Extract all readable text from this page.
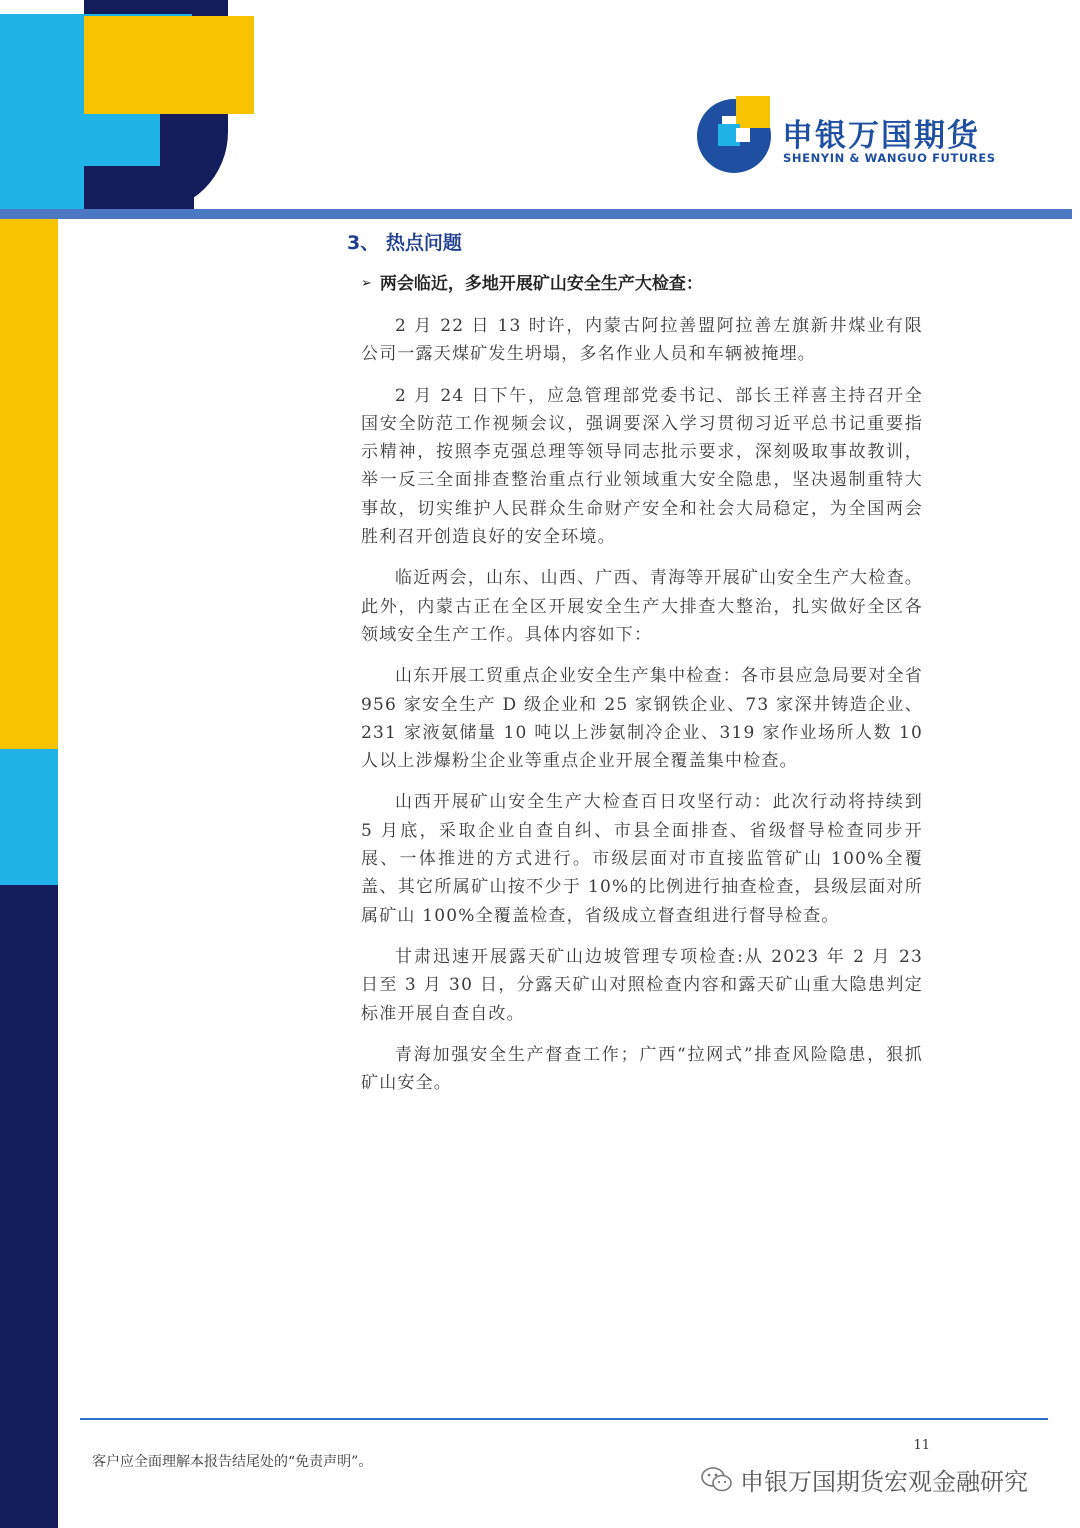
申银万国期货
SHENYIN & WANGUO FUTURES
3、 热点问题
➢ 两会临近，多地开展矿山安全生产大检查：

2 月 22 日 13 时许，内蒙古阿拉善盟阿拉善左旗新井煤业有限公司一露天煤矿发生坍塌，多名作业人员和车辆被掩埋。

2 月 24 日下午，应急管理部党委书记、部长王祥喜主持召开全国安全防范工作视频会议，强调要深入学习贯彻习近平总书记重要指示精神，按照李克强总理等领导同志批示要求，深刻吸取事故教训，举一反三全面排查整治重点行业领域重大安全隐患，坚决遏制重特大事故，切实维护人民群众生命财产安全和社会大局稳定，为全国两会胜利召开创造良好的安全环境。

临近两会，山东、山西、广西、青海等开展矿山安全生产大检查。此外，内蒙古正在全区开展安全生产大排查大整治，扎实做好全区各领域安全生产工作。具体内容如下：

山东开展工贸重点企业安全生产集中检查：各市县应急局要对全省 956 家安全生产 D 级企业和 25 家钢铁企业、73 家深井铸造企业、231 家液氨储量 10 吨以上涉氨制冷企业、319 家作业场所人数 10 人以上涉爆粉尘企业等重点企业开展全覆盖集中检查。

山西开展矿山安全生产大检查百日攻坚行动：此次行动将持续到 5 月底，采取企业自查自纠、市县全面排查、省级督导检查同步开展、一体推进的方式进行。市级层面对市直接监管矿山 100%全覆盖、其它所属矿山按不少于 10%的比例进行抽查检查，县级层面对所属矿山 100%全覆盖检查，省级成立督查组进行督导检查。

甘肃迅速开展露天矿山边坡管理专项检查:从 2023 年 2 月 23 日至 3 月 30 日，分露天矿山对照检查内容和露天矿山重大隐患判定标准开展自查自改。

青海加强安全生产督查工作；广西“拉网式”排查风险隐患，狠抓矿山安全。

11
客户应全面理解本报告结尾处的“免责声明”。
申银万国期货宏观金融研究
